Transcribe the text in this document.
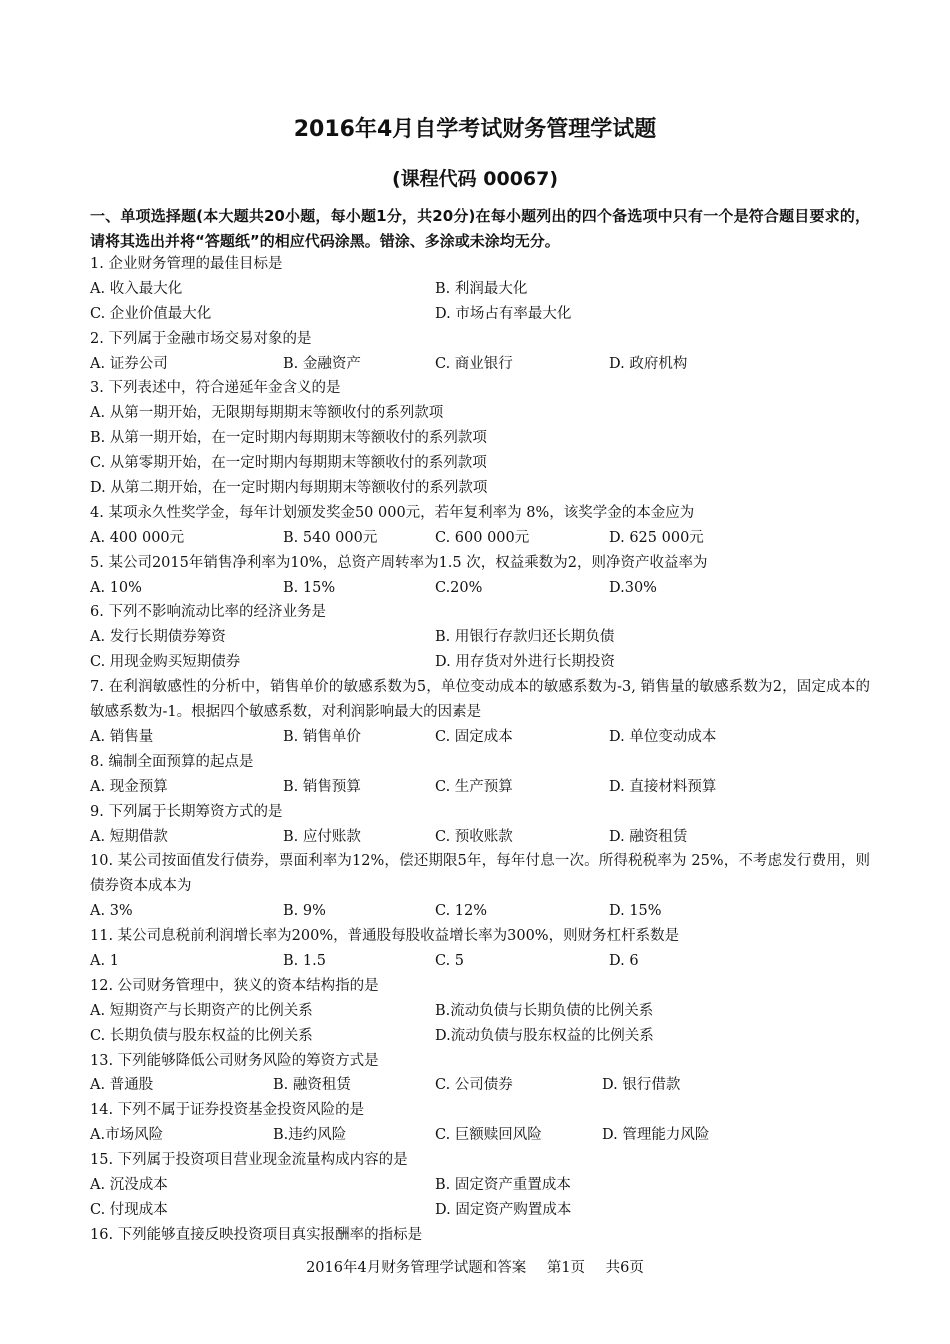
2016年4月自学考试财务管理学试题
(课程代码 00067)
一、单项选择题(本大题共20小题，每小题1分，共20分)在每小题列出的四个备选项中只有一个是符合题目要求的，请将其选出并将“答题纸”的相应代码涂黑。错涂、多涂或未涂均无分。
1. 企业财务管理的最佳目标是
A. 收入最大化	B. 利润最大化
C. 企业价值最大化	D. 市场占有率最大化
2. 下列属于金融市场交易对象的是
A. 证券公司	B. 金融资产	C. 商业银行	D. 政府机构
3. 下列表述中，符合递延年金含义的是
A. 从第一期开始，无限期每期期末等额收付的系列款项
B. 从第一期开始，在一定时期内每期期末等额收付的系列款项
C. 从第零期开始，在一定时期内每期期末等额收付的系列款项
D. 从第二期开始，在一定时期内每期期末等额收付的系列款项
4. 某项永久性奖学金，每年计划颁发奖金50 000元，若年复利率为 8%，该奖学金的本金应为
A. 400 000元	B. 540 000元	C. 600 000元	D. 625 000元
5. 某公司2015年销售净利率为10%，总资产周转率为1.5 次，权益乘数为2，则净资产收益率为
A. 10%	B. 15%	C.20%	D.30%
6. 下列不影响流动比率的经济业务是
A. 发行长期债券筹资	B. 用银行存款归还长期负债
C. 用现金购买短期债券	D. 用存货对外进行长期投资
7. 在利润敏感性的分析中，销售单价的敏感系数为5，单位变动成本的敏感系数为-3, 销售量的敏感系数为2，固定成本的敏感系数为-1。根据四个敏感系数，对利润影响最大的因素是
A. 销售量	B. 销售单价	C. 固定成本	D. 单位变动成本
8. 编制全面预算的起点是
A. 现金预算	B. 销售预算	C. 生产预算	D. 直接材料预算
9. 下列属于长期筹资方式的是
A. 短期借款	B. 应付账款	C. 预收账款	D. 融资租赁
10. 某公司按面值发行债券，票面利率为12%，偿还期限5年，每年付息一次。所得税税率为 25%，不考虑发行费用，则债券资本成本为
A. 3%	B. 9%	C. 12%	D. 15%
11. 某公司息税前利润增长率为200%，普通股每股收益增长率为300%，则财务杠杆系数是
A. 1	B. 1.5	C. 5	D. 6
12. 公司财务管理中，狭义的资本结构指的是
A. 短期资产与长期资产的比例关系	B.流动负债与长期负债的比例关系
C. 长期负债与股东权益的比例关系	D.流动负债与股东权益的比例关系
13. 下列能够降低公司财务风险的筹资方式是
A. 普通股	B. 融资租赁	C. 公司债券	D. 银行借款
14. 下列不属于证券投资基金投资风险的是
A.市场风险	B.违约风险	C. 巨额赎回风险	D. 管理能力风险
15. 下列属于投资项目营业现金流量构成内容的是
A. 沉没成本	B. 固定资产重置成本
C. 付现成本	D. 固定资产购置成本
16. 下列能够直接反映投资项目真实报酬率的指标是
2016年4月财务管理学试题和答案 第1页 共6页
